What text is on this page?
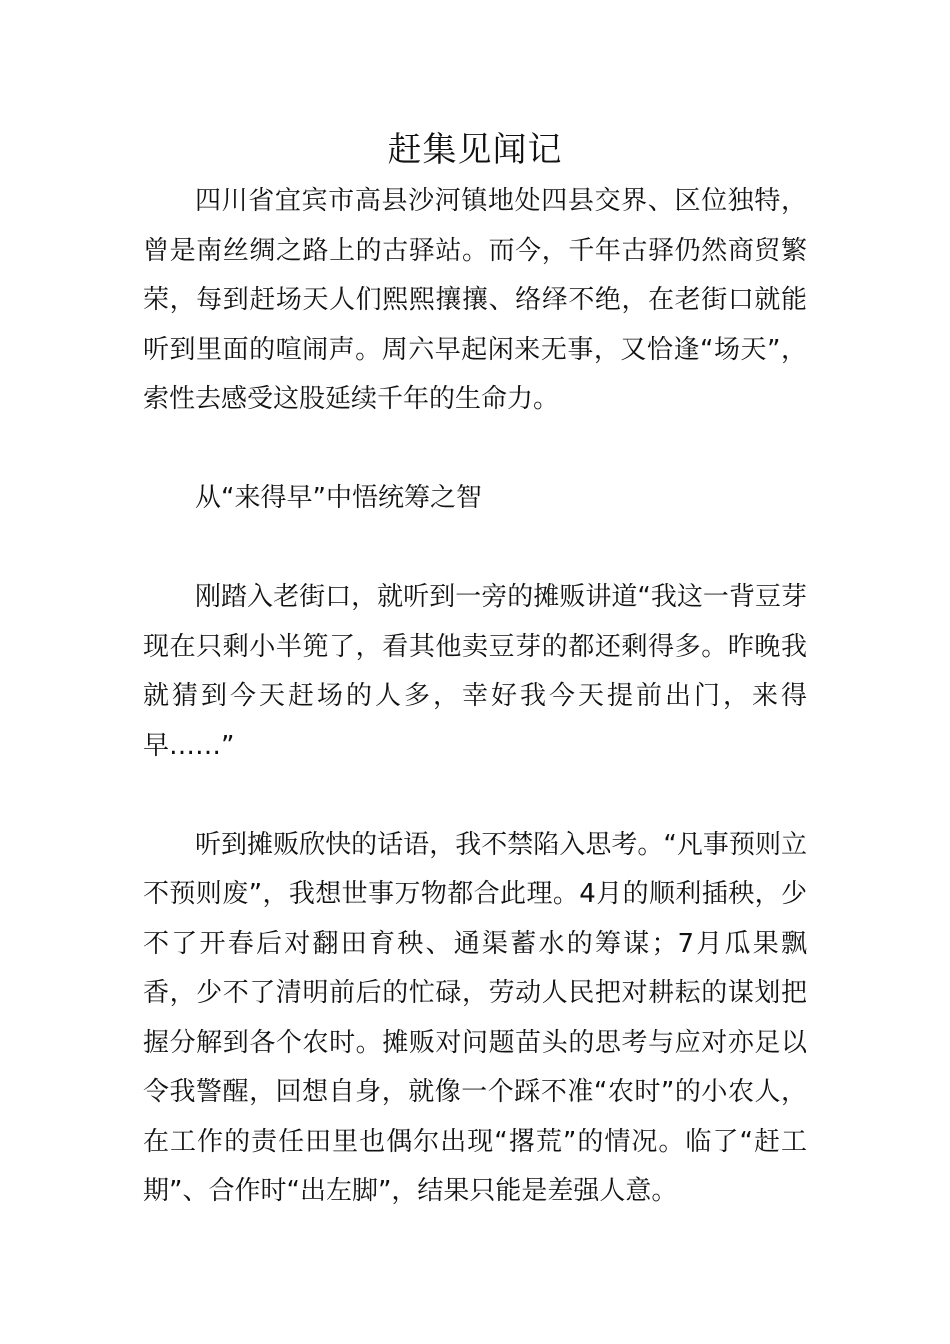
赶集见闻记

四川省宜宾市高县沙河镇地处四县交界、区位独特，曾是南丝绸之路上的古驿站。而今，千年古驿仍然商贸繁荣，每到赶场天人们熙熙攘攘、络绎不绝，在老街口就能听到里面的喧闹声。周六早起闲来无事，又恰逢“场天”，索性去感受这股延续千年的生命力。

从“来得早”中悟统筹之智

刚踏入老街口，就听到一旁的摊贩讲道“我这一背豆芽现在只剩小半篼了，看其他卖豆芽的都还剩得多。昨晚我就猜到今天赶场的人多，幸好我今天提前出门，来得早……”

听到摊贩欣快的话语，我不禁陷入思考。“凡事预则立不预则废”，我想世事万物都合此理。4月的顺利插秧，少不了开春后对翻田育秧、通渠蓄水的筹谋；7月瓜果飘香，少不了清明前后的忙碌，劳动人民把对耕耘的谋划把握分解到各个农时。摊贩对问题苗头的思考与应对亦足以令我警醒，回想自身，就像一个踩不准“农时”的小农人，在工作的责任田里也偶尔出现“撂荒”的情况。临了“赶工期”、合作时“出左脚”，结果只能是差强人意。
